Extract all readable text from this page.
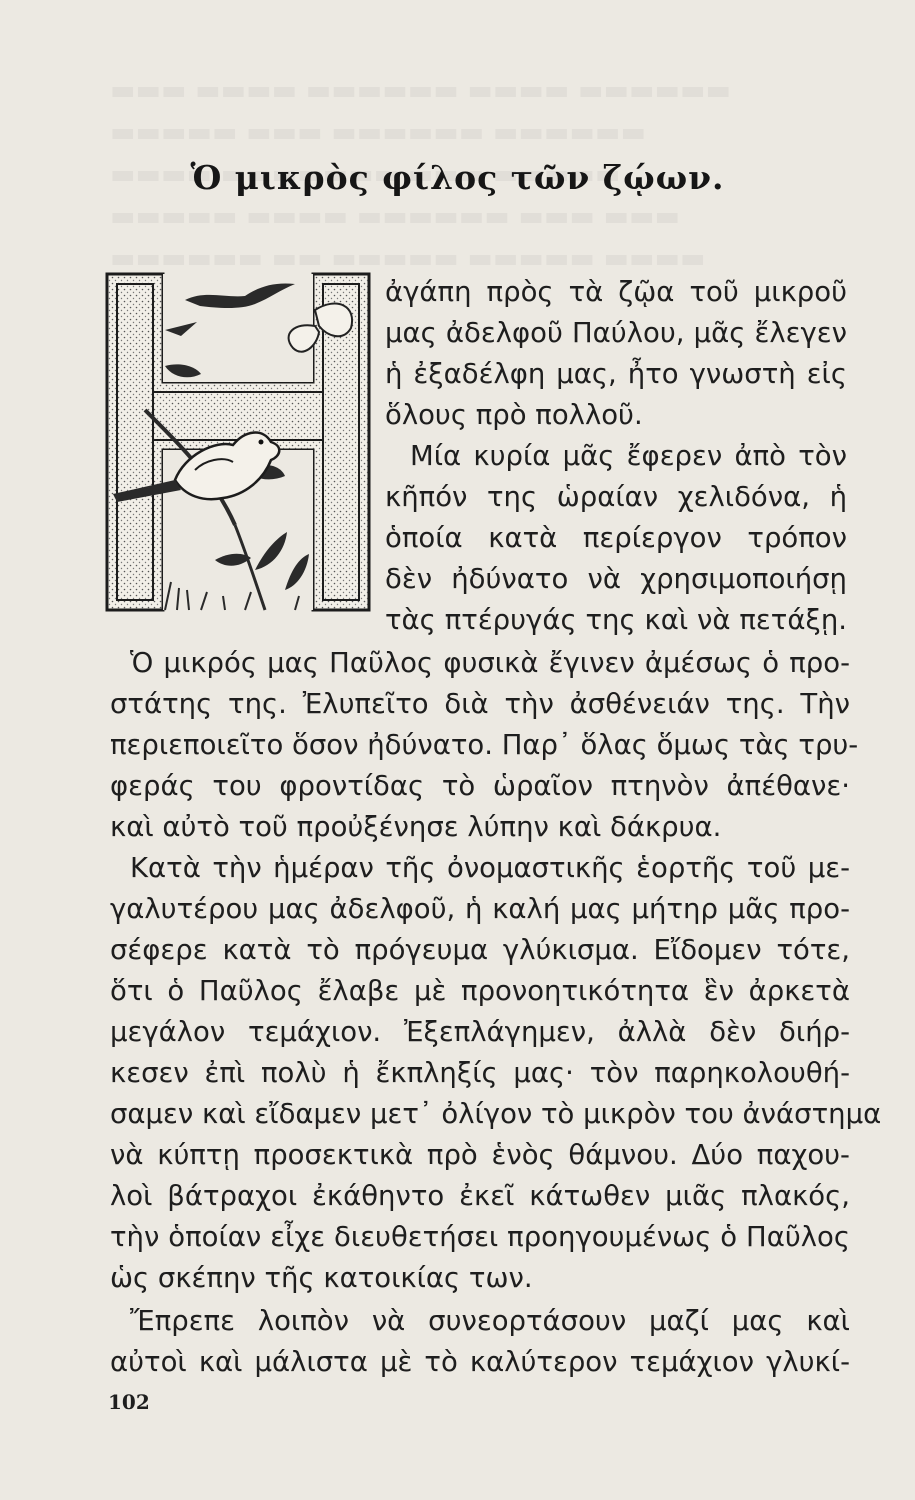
Ὁ μικρὸς φίλος τῶν ζῴων.
ἀγάπη πρὸς τὰ ζῷα τοῦ μικροῦ
μας ἀδελφοῦ Παύλου, μᾶς ἔλεγεν
ἡ ἐξαδέλφη μας, ἦτο γνωστὴ εἰς
ὅλους πρὸ πολλοῦ.
Μία κυρία μᾶς ἔφερεν ἀπὸ τὸν
κῆπόν της ὡραίαν χελιδόνα, ἡ
ὁποία κατὰ περίεργον τρόπον
δὲν ἠδύνατο νὰ χρησιμοποιήσῃ
τὰς πτέρυγάς της καὶ νὰ πετάξῃ.
Ὁ μικρός μας Παῦλος φυσικὰ ἔγινεν ἀμέσως ὁ προ-
στάτης της. Ἐλυπεῖτο διὰ τὴν ἀσθένειάν της. Τὴν
περιεποιεῖτο ὅσον ἠδύνατο. Παρ᾿ ὅλας ὅμως τὰς τρυ-
φεράς του φροντίδας τὸ ὡραῖον πτηνὸν ἀπέθανε·
καὶ αὐτὸ τοῦ προὐξένησε λύπην καὶ δάκρυα.
Κατὰ τὴν ἡμέραν τῆς ὀνομαστικῆς ἑορτῆς τοῦ με-
γαλυτέρου μας ἀδελφοῦ, ἡ καλή μας μήτηρ μᾶς προ-
σέφερε κατὰ τὸ πρόγευμα γλύκισμα. Εἴδομεν τότε,
ὅτι ὁ Παῦλος ἔλαβε μὲ προνοητικότητα ἓν ἀρκετὰ
μεγάλον τεμάχιον. Ἐξεπλάγημεν, ἀλλὰ δὲν διήρ-
κεσεν ἐπὶ πολὺ ἡ ἔκπληξίς μας· τὸν παρηκολουθή-
σαμεν καὶ εἴδαμεν μετ᾿ ὀλίγον τὸ μικρὸν του ἀνάστημα
νὰ κύπτῃ προσεκτικὰ πρὸ ἑνὸς θάμνου. Δύο παχου-
λοὶ βάτραχοι ἐκάθηντο ἐκεῖ κάτωθεν μιᾶς πλακός,
τὴν ὁποίαν εἶχε διευθετήσει προηγουμένως ὁ Παῦλος
ὡς σκέπην τῆς κατοικίας των.
Ἔπρεπε λοιπὸν νὰ συνεορτάσουν μαζί μας καὶ
αὐτοὶ καὶ μάλιστα μὲ τὸ καλύτερον τεμάχιον γλυκί-
102
